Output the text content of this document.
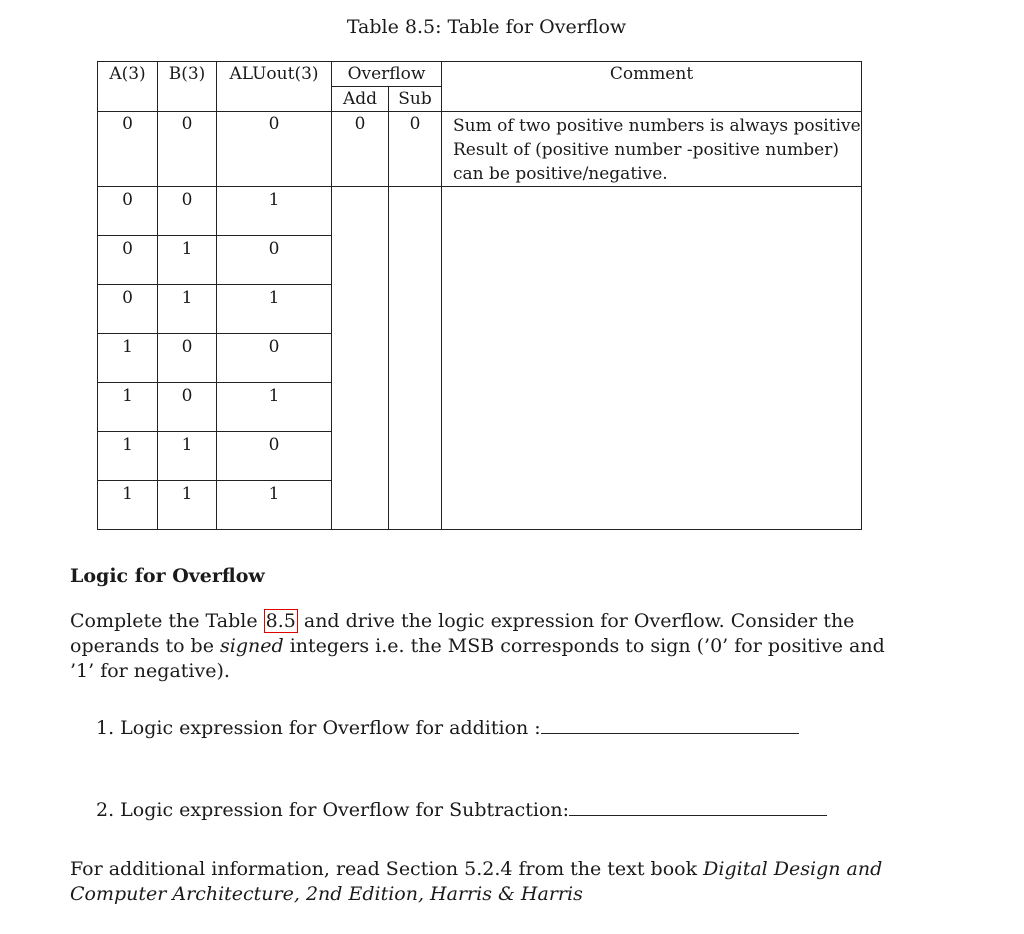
Table 8.5: Table for Overflow
A(3)	B(3)	ALUout(3)	Overflow		Comment
			Add	Sub	
0	0	0	0	0	Sum of two positive numbers is always positive
Result of (positive number -positive number)
can be positive/negative.

0	0	1			

0	1	0			

0	1	1			

1	0	0			

1	0	1			

1	1	0			

1	1	1			
Logic for Overflow
Complete the Table 8.5 and drive the logic expression for Overflow. Consider the operands to be signed integers i.e. the MSB corresponds to sign (’0’ for positive and ’1’ for negative).
1. Logic expression for Overflow for addition :
2. Logic expression for Overflow for Subtraction:
For additional information, read Section 5.2.4 from the text book Digital Design and Computer Architecture, 2nd Edition, Harris & Harris
